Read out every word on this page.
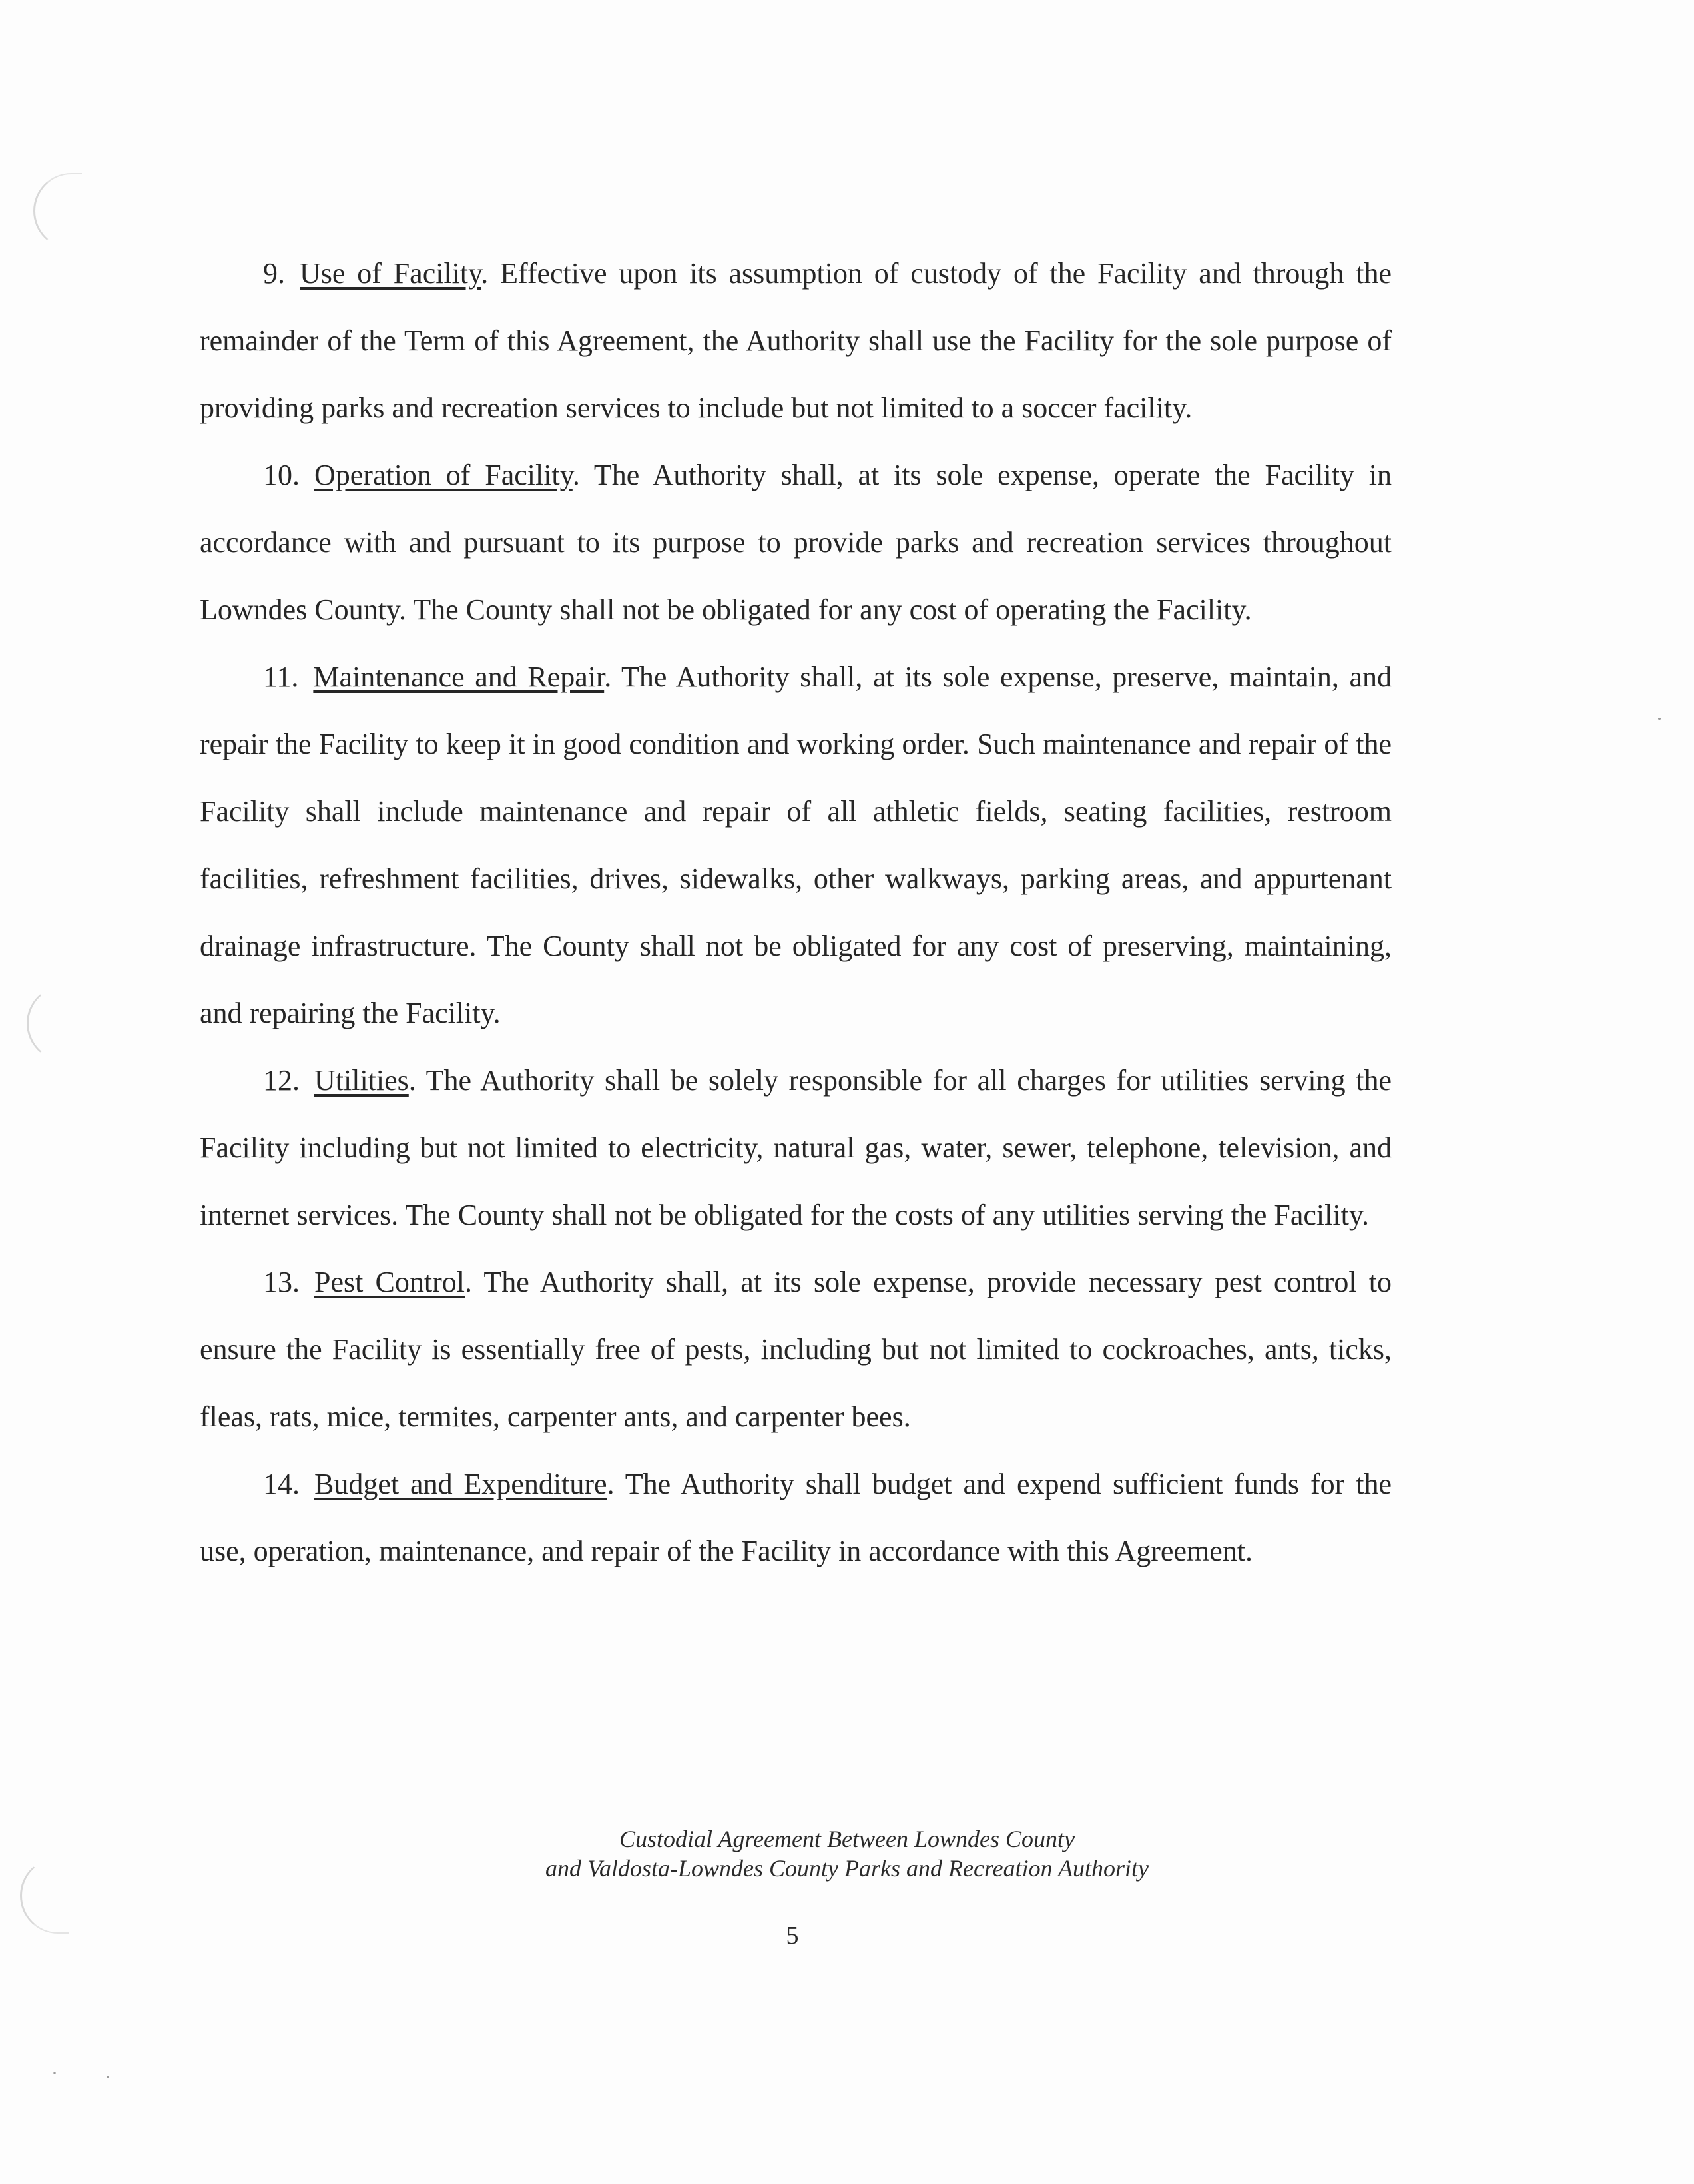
9. Use of Facility. Effective upon its assumption of custody of the Facility and through the remainder of the Term of this Agreement, the Authority shall use the Facility for the sole purpose of providing parks and recreation services to include but not limited to a soccer facility.

10. Operation of Facility. The Authority shall, at its sole expense, operate the Facility in accordance with and pursuant to its purpose to provide parks and recreation services throughout Lowndes County. The County shall not be obligated for any cost of operating the Facility.

11. Maintenance and Repair. The Authority shall, at its sole expense, preserve, maintain, and repair the Facility to keep it in good condition and working order. Such maintenance and repair of the Facility shall include maintenance and repair of all athletic fields, seating facilities, restroom facilities, refreshment facilities, drives, sidewalks, other walkways, parking areas, and appurtenant drainage infrastructure. The County shall not be obligated for any cost of preserving, maintaining, and repairing the Facility.

12. Utilities. The Authority shall be solely responsible for all charges for utilities serving the Facility including but not limited to electricity, natural gas, water, sewer, telephone, television, and internet services. The County shall not be obligated for the costs of any utilities serving the Facility.

13. Pest Control. The Authority shall, at its sole expense, provide necessary pest control to ensure the Facility is essentially free of pests, including but not limited to cockroaches, ants, ticks, fleas, rats, mice, termites, carpenter ants, and carpenter bees.

14. Budget and Expenditure. The Authority shall budget and expend sufficient funds for the use, operation, maintenance, and repair of the Facility in accordance with this Agreement.

Custodial Agreement Between Lowndes County
and Valdosta-Lowndes County Parks and Recreation Authority
5
